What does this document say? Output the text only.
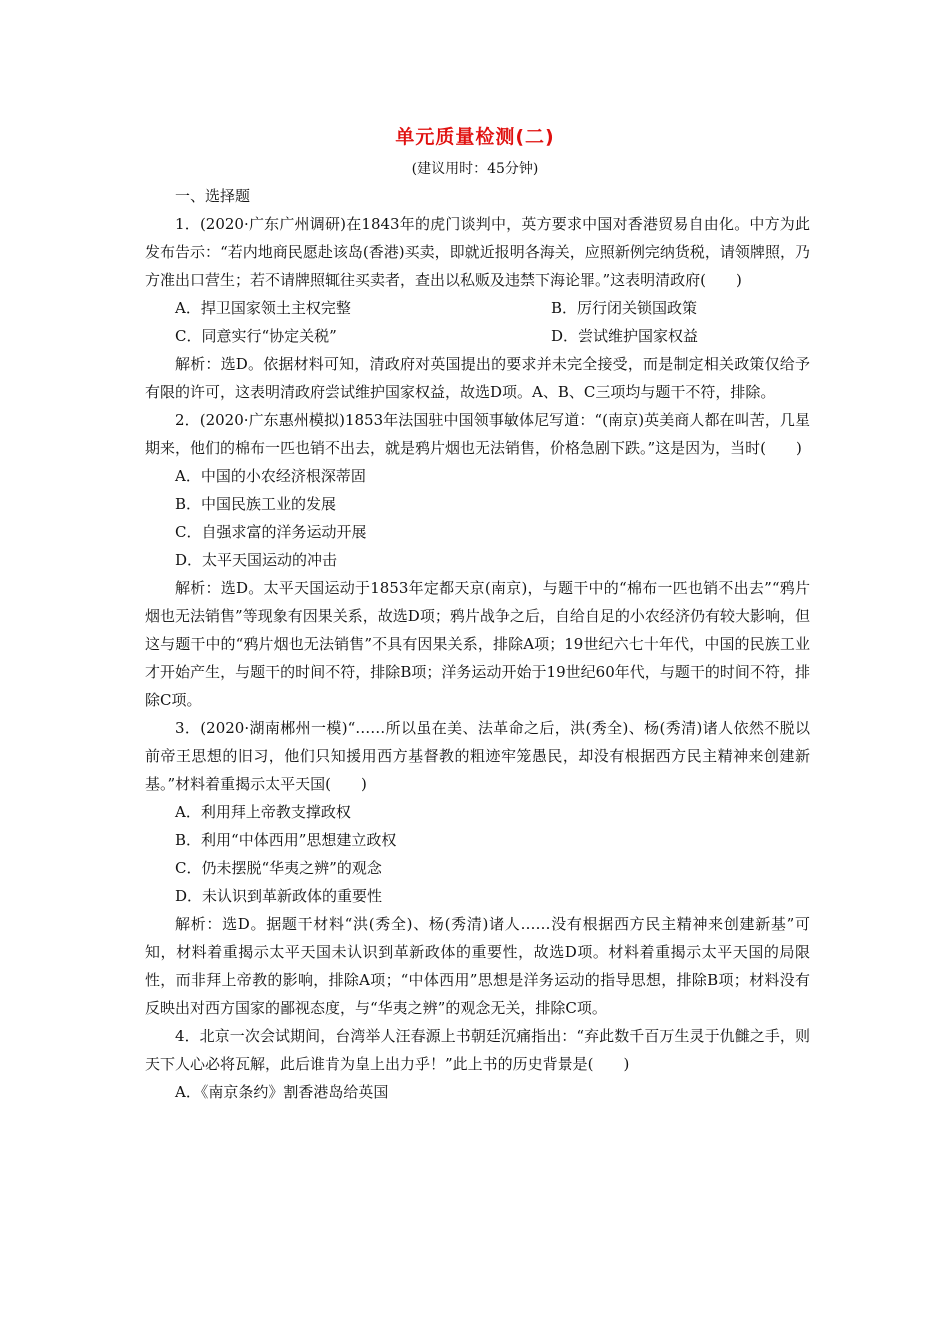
单元质量检测(二)
(建议用时：45分钟)

一、选择题

1．(2020·广东广州调研)在1843年的虎门谈判中，英方要求中国对香港贸易自由化。中方为此发布告示：“若内地商民愿赴该岛(香港)买卖，即就近报明各海关，应照新例完纳货税，请领牌照，乃方准出口营生；若不请牌照辄往买卖者，查出以私贩及违禁下海论罪。”这表明清政府(　　)

A．捍卫国家领土主权完整	B．厉行闭关锁国政策
C．同意实行“协定关税”	D．尝试维护国家权益

解析：选D。依据材料可知，清政府对英国提出的要求并未完全接受，而是制定相关政策仅给予有限的许可，这表明清政府尝试维护国家权益，故选D项。A、B、C三项均与题干不符，排除。

2．(2020·广东惠州模拟)1853年法国驻中国领事敏体尼写道：“(南京)英美商人都在叫苦，几星期来，他们的棉布一匹也销不出去，就是鸦片烟也无法销售，价格急剧下跌。”这是因为，当时(　　)

A．中国的小农经济根深蒂固

B．中国民族工业的发展

C．自强求富的洋务运动开展

D．太平天国运动的冲击

解析：选D。太平天国运动于1853年定都天京(南京)，与题干中的“棉布一匹也销不出去”“鸦片烟也无法销售”等现象有因果关系，故选D项；鸦片战争之后，自给自足的小农经济仍有较大影响，但这与题干中的“鸦片烟也无法销售”不具有因果关系，排除A项；19世纪六七十年代，中国的民族工业才开始产生，与题干的时间不符，排除B项；洋务运动开始于19世纪60年代，与题干的时间不符，排除C项。

3．(2020·湖南郴州一模)“……所以虽在美、法革命之后，洪(秀全)、杨(秀清)诸人依然不脱以前帝王思想的旧习，他们只知援用西方基督教的粗迹牢笼愚民，却没有根据西方民主精神来创建新基。”材料着重揭示太平天国(　　)

A．利用拜上帝教支撑政权

B．利用“中体西用”思想建立政权

C．仍未摆脱“华夷之辨”的观念

D．未认识到革新政体的重要性

解析：选D。据题干材料“洪(秀全)、杨(秀清)诸人……没有根据西方民主精神来创建新基”可知，材料着重揭示太平天国未认识到革新政体的重要性，故选D项。材料着重揭示太平天国的局限性，而非拜上帝教的影响，排除A项；“中体西用”思想是洋务运动的指导思想，排除B项；材料没有反映出对西方国家的鄙视态度，与“华夷之辨”的观念无关，排除C项。

4．北京一次会试期间，台湾举人汪春源上书朝廷沉痛指出：“弃此数千百万生灵于仇雠之手，则天下人心必将瓦解，此后谁肯为皇上出力乎！”此上书的历史背景是(　　)

A．《南京条约》割香港岛给英国
